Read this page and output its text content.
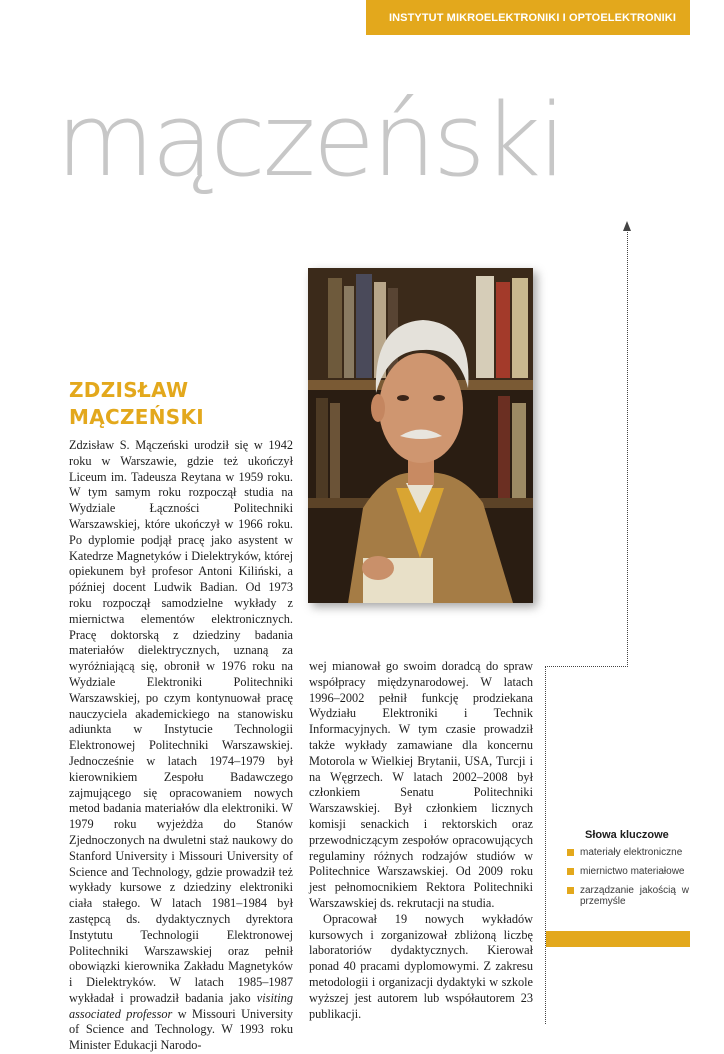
INSTYTUT MIKROELEKTRONIKI I OPTOELEKTRONIKI
mączeński
ZDZISŁAW
MĄCZEŃSKI

Zdzisław S. Mączeński urodził się w 1942 roku w Warszawie, gdzie też ukończył Liceum im. Tadeusza Reytana w 1959 roku. W tym samym roku rozpoczął studia na Wydziale Łączności Politechniki Warszawskiej, które ukończył w 1966 roku. Po dyplomie podjął pracę jako asystent w Katedrze Magnetyków i Dielektryków, której opiekunem był profesor Antoni Kiliński, a później docent Ludwik Badian. Od 1973 roku rozpoczął samodzielne wykłady z miernictwa elementów elektronicznych. Pracę doktorską z dziedziny badania materiałów dielektrycznych, uznaną za wyróżniającą się, obronił w 1976 roku na Wydziale Elektroniki Politechniki Warszawskiej, po czym kontynuował pracę nauczyciela akademickiego na stanowisku adiunkta w Instytucie Technologii Elektronowej Politechniki Warszawskiej. Jednocześnie w latach 1974–1979 był kierownikiem Zespołu Badawczego zajmującego się opracowaniem nowych metod badania materiałów dla elektroniki. W 1979 roku wyjeżdża do Stanów Zjednoczonych na dwuletni staż naukowy do Stanford University i Missouri University of Science and Technology, gdzie prowadził też wykłady kursowe z dziedziny elektroniki ciała stałego. W latach 1981–1984 był zastępcą ds. dydaktycznych dyrektora Instytutu Technologii Elektronowej Politechniki Warszawskiej oraz pełnił obowiązki kierownika Zakładu Magnetyków i Dielektryków. W latach 1985–1987 wykładał i prowadził badania jako visiting associated professor w Missouri University of Science and Technology. W 1993 roku Minister Edukacji Narodo-

wej mianował go swoim doradcą do spraw współpracy międzynarodowej. W latach 1996–2002 pełnił funkcję prodziekana Wydziału Elektroniki i Technik Informacyjnych. W tym czasie prowadził także wykłady zamawiane dla koncernu Motorola w Wielkiej Brytanii, USA, Turcji i na Węgrzech. W latach 2002–2008 był członkiem Senatu Politechniki Warszawskiej. Był członkiem licznych komisji senackich i rektorskich oraz przewodniczącym zespołów opracowujących regulaminy różnych rodzajów studiów w Politechnice Warszawskiej. Od 2009 roku jest pełnomocnikiem Rektora Politechniki Warszawskiej ds. rekrutacji na studia.

Opracował 19 nowych wykładów kursowych i zorganizował zbliżoną liczbę laboratoriów dydaktycznych. Kierował ponad 40 pracami dyplomowymi. Z zakresu metodologii i organizacji dydaktyki w szkole wyższej jest autorem lub współautorem 23 publikacji.

Słowa kluczowe
materiały elektroniczne
miernictwo materiałowe
zarządzanie jakością w przemyśle
